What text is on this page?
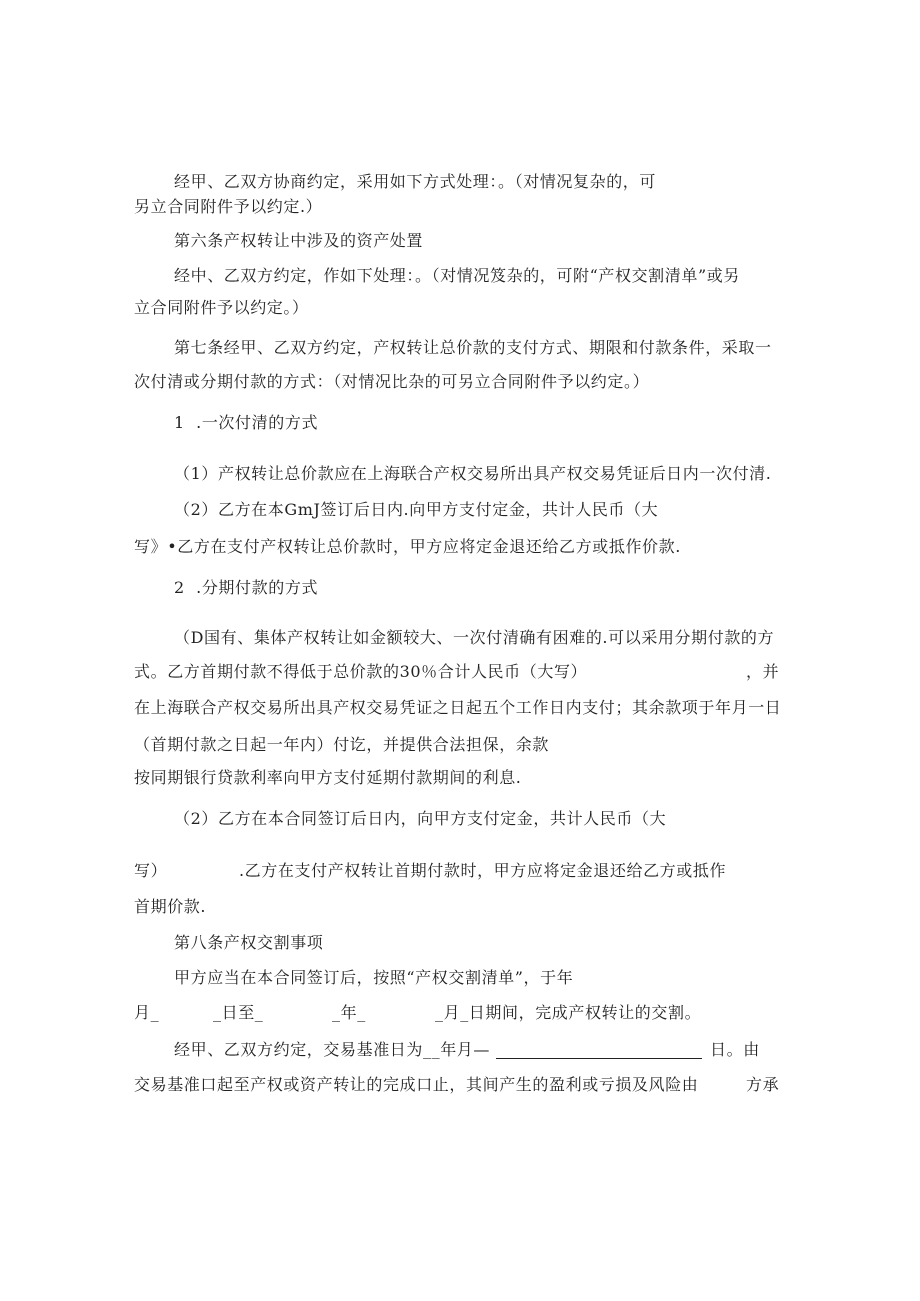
经甲、乙双方协商约定，采用如下方式处理：。（对情况复杂的，可
另立合同附件予以约定.）
第六条产权转让中涉及的资产处置
经中、乙双方约定，作如下处理：。（对情况笈杂的，可附“产权交割清单”或另
立合同附件予以约定。）
第七条经甲、乙双方约定，产权转让总价款的支付方式、期限和付款条件，采取一
次付清或分期付款的方式：（对情况比杂的可另立合同附件予以约定。）
1  .一次付清的方式
（1）产权转让总价款应在上海联合产权交易所出具产权交易凭证后日内一次付清.
（2）乙方在本GmJ签订后日内.向甲方支付定金，共计人民币（大
写》•乙方在支付产权转让总价款时，甲方应将定金退还给乙方或抵作价款.
2  .分期付款的方式
（D国有、集体产权转让如金额较大、一次付清确有困难的.可以采用分期付款的方
式。乙方首期付款不得低于总价款的30％合计人民币（大写）	，并
在上海联合产权交易所出具产权交易凭证之日起五个工作日内支付；其余款项于年月一日
（首期付款之日起一年内）付讫，并提供合法担保，余款
按同期银行贷款利率向甲方支付延期付款期间的利息.
（2）乙方在本合同签订后日内，向甲方支付定金，共计人民币（大
写）	.乙方在支付产权转让首期付款时，甲方应将定金退还给乙方或抵作
首期价款.
第八条产权交割事项
甲方应当在本合同签订后，按照“产权交割清单”，于年
月_	_日至_	_年_	_月_日期间，完成产权转让的交割。
经甲、乙双方约定，交易基准日为__年月—	日。由
交易基准口起至产权或资产转让的完成口止，其间产生的盈利或亏损及风险由	方承
